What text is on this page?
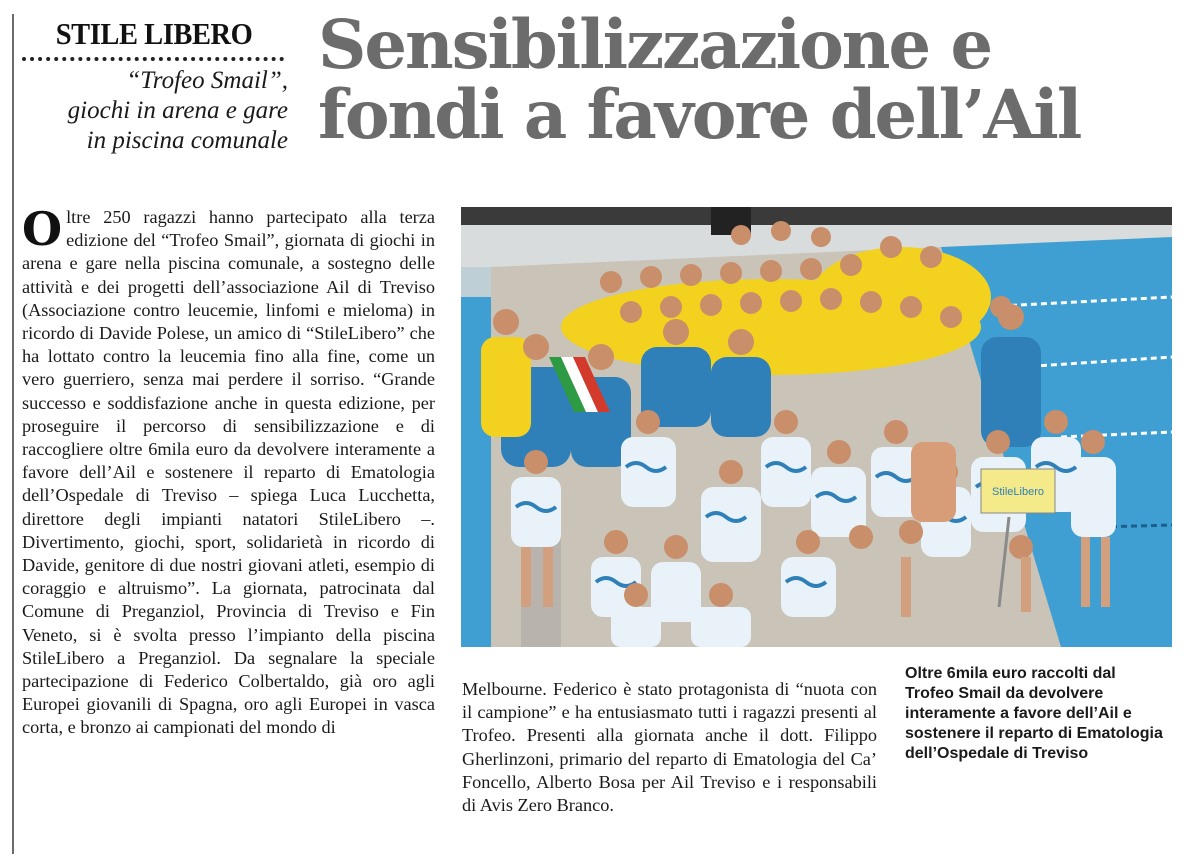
STILE LIBERO
“Trofeo Smail”,
giochi in arena e gare
in piscina comunale
Sensibilizzazione e
fondi a favore dell’Ail
Oltre 250 ragazzi hanno partecipato alla terza edizione del “Trofeo Smail”, giornata di giochi in arena e gare nella piscina comunale, a sostegno delle attività e dei progetti dell’associazione Ail di Treviso (Associazione contro leucemie, linfomi e mieloma) in ricordo di Davide Polese, un amico di “StileLibero” che ha lottato contro la leucemia fino alla fine, come un vero guerriero, senza mai perdere il sorriso. “Grande successo e soddisfazione anche in questa edizione, per proseguire il percorso di sensibilizzazione e di raccogliere oltre 6mila euro da devolvere interamente a favore dell’Ail e sostenere il reparto di Ematologia dell’Ospedale di Treviso – spiega Luca Lucchetta, direttore degli impianti natatori StileLibero –. Divertimento, giochi, sport, solidarietà in ricordo di Davide, genitore di due nostri giovani atleti, esempio di coraggio e altruismo”. La giornata, patrocinata dal Comune di Preganziol, Provincia di Treviso e Fin Veneto, si è svolta presso l’impianto della piscina StileLibero a Preganziol. Da segnalare la speciale partecipazione di Federico Colbertaldo, già oro agli Europei giovanili di Spagna, oro agli Europei in vasca corta, e bronzo ai campionati del mondo di
StileLibero
Melbourne. Federico è stato protagonista di “nuota con il campione” e ha entusiasmato tutti i ragazzi presenti al Trofeo. Presenti alla giornata anche il dott. Filippo Gherlinzoni, primario del reparto di Ematologia del Ca’ Foncello, Alberto Bosa per Ail Treviso e i responsabili di Avis Zero Branco.
Oltre 6mila euro raccolti dal Trofeo Smail da devolvere interamente a favore dell’Ail e sostenere il reparto di Ematologia dell’Ospedale di Treviso
